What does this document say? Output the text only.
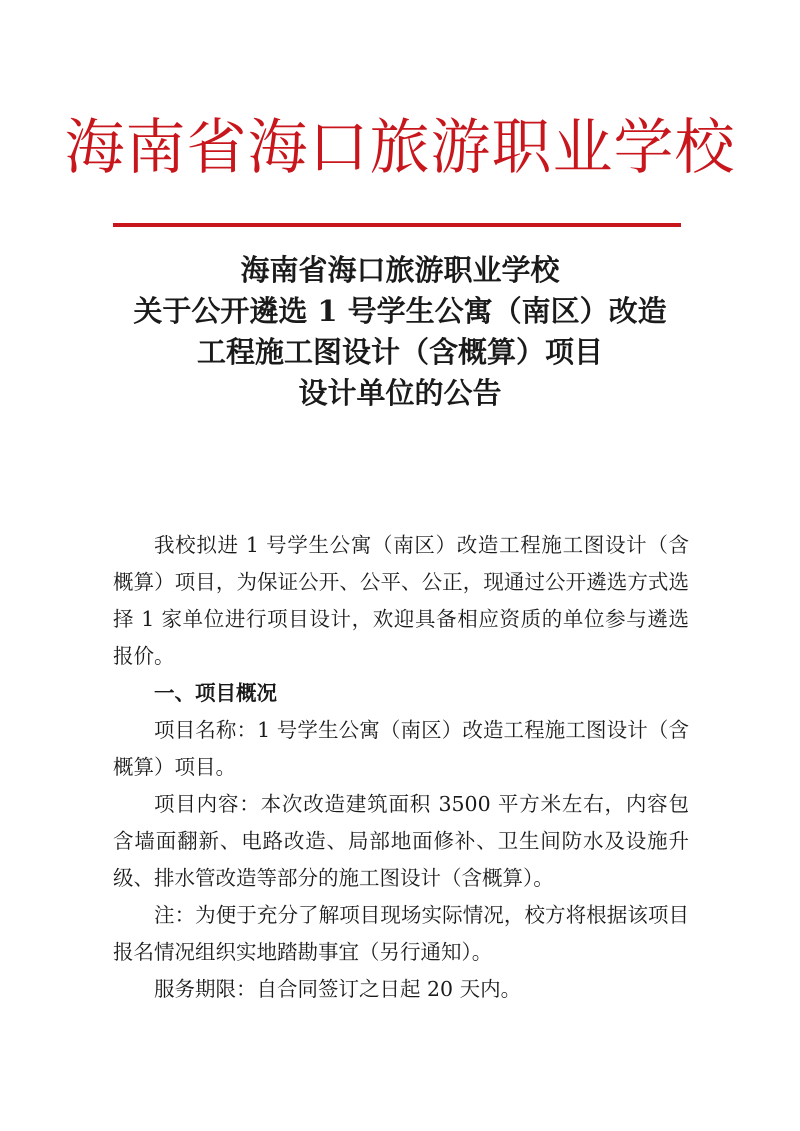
海南省海口旅游职业学校
海南省海口旅游职业学校
关于公开遴选 1 号学生公寓（南区）改造
工程施工图设计（含概算）项目
设计单位的公告

我校拟进 1 号学生公寓（南区）改造工程施工图设计（含概算）项目，为保证公开、公平、公正，现通过公开遴选方式选择 1 家单位进行项目设计，欢迎具备相应资质的单位参与遴选报价。

一、项目概况

项目名称：1 号学生公寓（南区）改造工程施工图设计（含概算）项目。

项目内容：本次改造建筑面积 3500 平方米左右，内容包含墙面翻新、电路改造、局部地面修补、卫生间防水及设施升级、排水管改造等部分的施工图设计（含概算）。

注：为便于充分了解项目现场实际情况，校方将根据该项目报名情况组织实地踏勘事宜（另行通知）。

服务期限：自合同签订之日起 20 天内。
